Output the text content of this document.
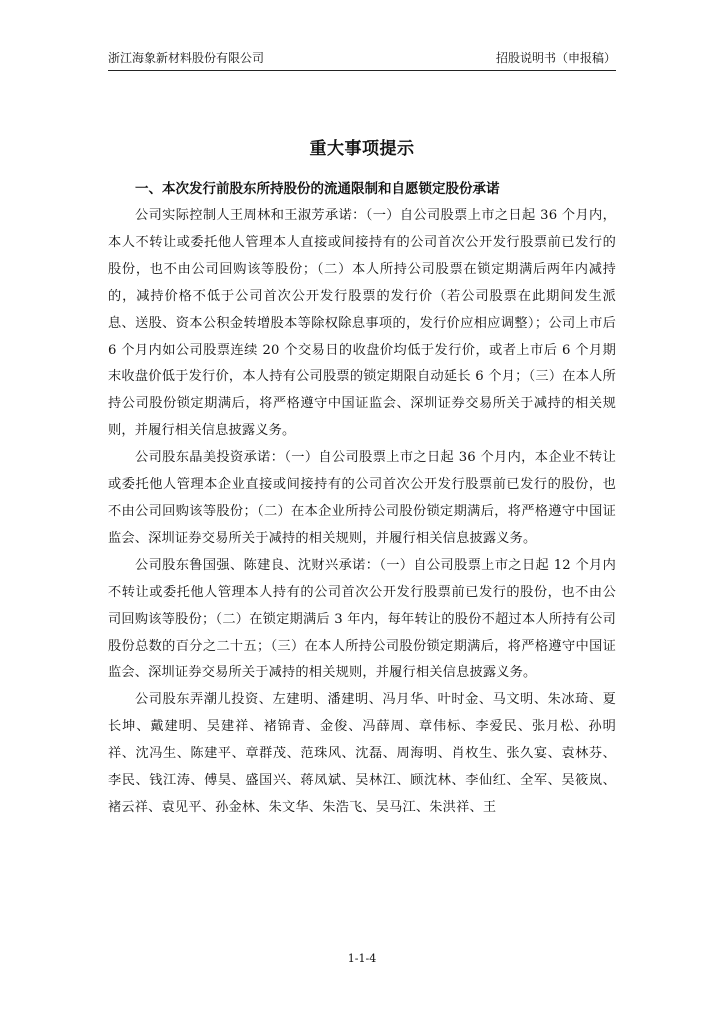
浙江海象新材料股份有限公司	招股说明书（申报稿）
重大事项提示

一、本次发行前股东所持股份的流通限制和自愿锁定股份承诺

公司实际控制人王周林和王淑芳承诺：（一）自公司股票上市之日起 36 个月内，本人不转让或委托他人管理本人直接或间接持有的公司首次公开发行股票前已发行的股份，也不由公司回购该等股份；（二）本人所持公司股票在锁定期满后两年内减持的，减持价格不低于公司首次公开发行股票的发行价（若公司股票在此期间发生派息、送股、资本公积金转增股本等除权除息事项的，发行价应相应调整）；公司上市后 6 个月内如公司股票连续 20 个交易日的收盘价均低于发行价，或者上市后 6 个月期末收盘价低于发行价，本人持有公司股票的锁定期限自动延长 6 个月；（三）在本人所持公司股份锁定期满后，将严格遵守中国证监会、深圳证券交易所关于减持的相关规则，并履行相关信息披露义务。

公司股东晶美投资承诺：（一）自公司股票上市之日起 36 个月内，本企业不转让或委托他人管理本企业直接或间接持有的公司首次公开发行股票前已发行的股份，也不由公司回购该等股份；（二）在本企业所持公司股份锁定期满后，将严格遵守中国证监会、深圳证券交易所关于减持的相关规则，并履行相关信息披露义务。

公司股东鲁国强、陈建良、沈财兴承诺：（一）自公司股票上市之日起 12 个月内不转让或委托他人管理本人持有的公司首次公开发行股票前已发行的股份，也不由公司回购该等股份；（二）在锁定期满后 3 年内，每年转让的股份不超过本人所持有公司股份总数的百分之二十五；（三）在本人所持公司股份锁定期满后，将严格遵守中国证监会、深圳证券交易所关于减持的相关规则，并履行相关信息披露义务。

公司股东弄潮儿投资、左建明、潘建明、冯月华、叶时金、马文明、朱冰琦、夏长坤、戴建明、吴建祥、褚锦青、金俊、冯薛周、章伟标、李爱民、张月松、孙明祥、沈冯生、陈建平、章群茂、范珠风、沈磊、周海明、肖枚生、张久宴、袁林芬、李民、钱江涛、傅昊、盛国兴、蒋凤斌、吴林江、顾沈林、李仙红、全军、吴筱岚、褚云祥、袁见平、孙金林、朱文华、朱浩飞、吴马江、朱洪祥、王

1-1-4
